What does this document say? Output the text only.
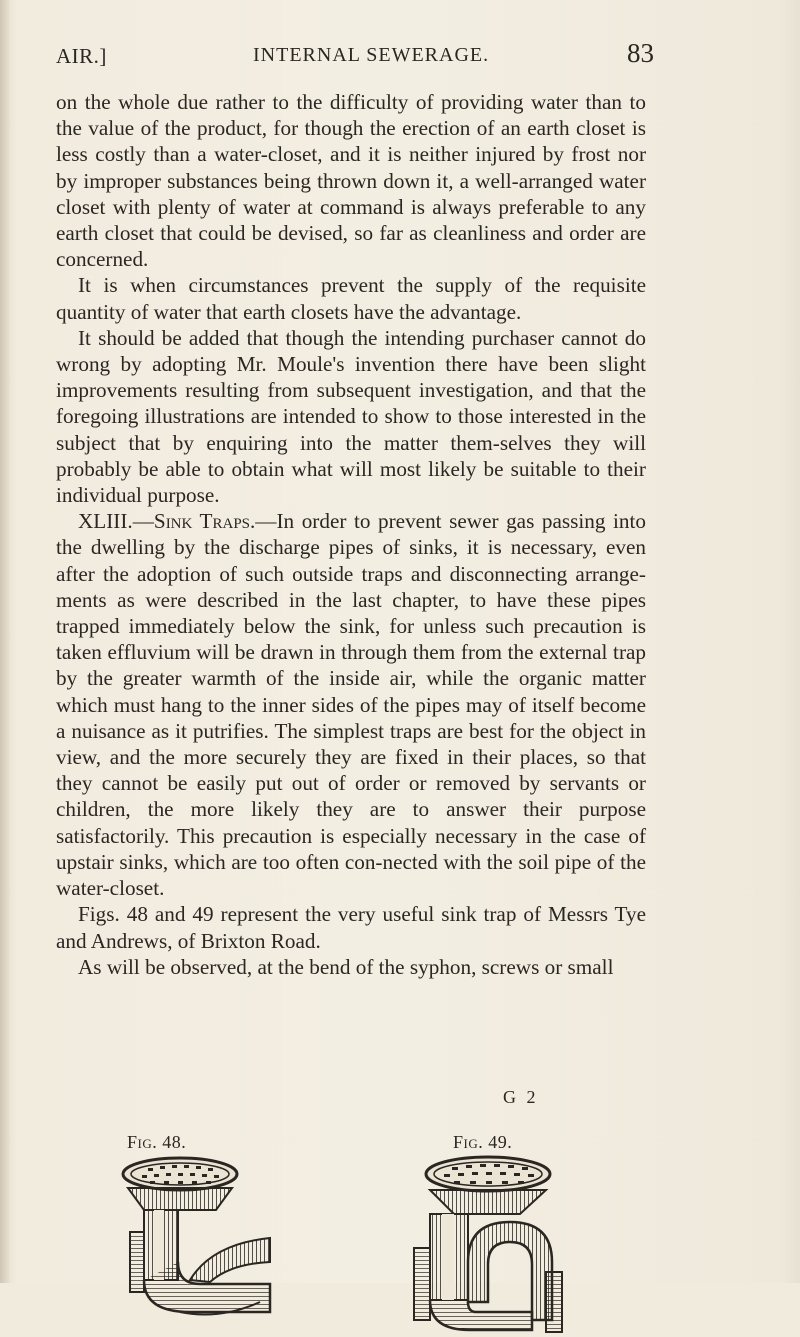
AIR.]	INTERNAL SEWERAGE.	83

on the whole due rather to the difficulty of providing water than to the value of the product, for though the erection of an earth closet is less costly than a water-closet, and it is neither injured by frost nor by improper substances being thrown down it, a well-arranged water closet with plenty of water at command is always preferable to any earth closet that could be devised, so far as cleanliness and order are concerned.

It is when circumstances prevent the supply of the requisite quantity of water that earth closets have the advantage.

It should be added that though the intending purchaser cannot do wrong by adopting Mr. Moule's invention there have been slight improvements resulting from subsequent investigation, and that the foregoing illustrations are intended to show to those interested in the subject that by enquiring into the matter them-selves they will probably be able to obtain what will most likely be suitable to their individual purpose.

XLIII.—Sink Traps.—In order to prevent sewer gas passing into the dwelling by the discharge pipes of sinks, it is necessary, even after the adoption of such outside traps and disconnecting arrange-ments as were described in the last chapter, to have these pipes trapped immediately below the sink, for unless such precaution is taken effluvium will be drawn in through them from the external trap by the greater warmth of the inside air, while the organic matter which must hang to the inner sides of the pipes may of itself become a nuisance as it putrifies. The simplest traps are best for the object in view, and the more securely they are fixed in their places, so that they cannot be easily put out of order or removed by servants or children, the more likely they are to answer their purpose satisfactorily. This precaution is especially necessary in the case of upstair sinks, which are too often con-nected with the soil pipe of the water-closet.

Figs. 48 and 49 represent the very useful sink trap of Messrs Tye and Andrews, of Brixton Road.

As will be observed, at the bend of the syphon, screws or small

Fig. 48.	Fig. 49.
G 2
